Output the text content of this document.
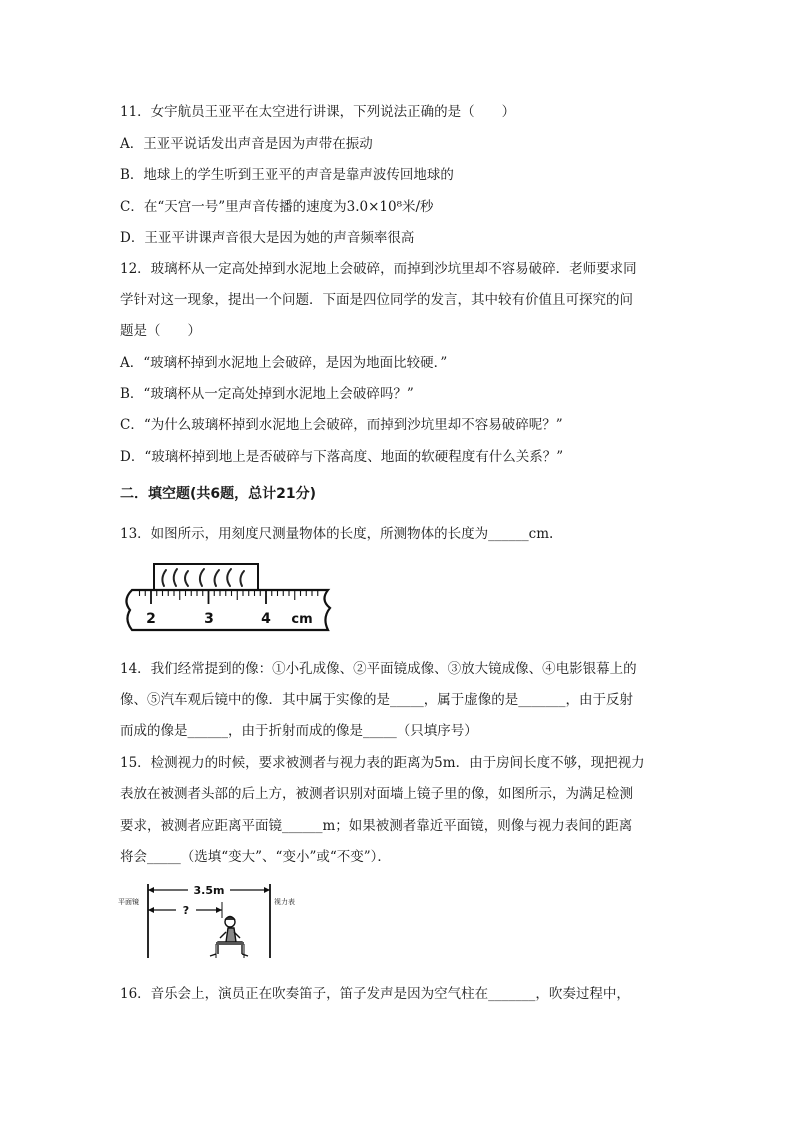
11．女宇航员王亚平在太空进行讲课，下列说法正确的是（　　）
A．王亚平说话发出声音是因为声带在振动
B．地球上的学生听到王亚平的声音是靠声波传回地球的
C．在“天宫一号”里声音传播的速度为3.0×10⁸米/秒
D．王亚平讲课声音很大是因为她的声音频率很高
12．玻璃杯从一定高处掉到水泥地上会破碎，而掉到沙坑里却不容易破碎．老师要求同
学针对这一现象，提出一个问题．下面是四位同学的发言，其中较有价值且可探究的问
题是（　　）
A．“玻璃杯掉到水泥地上会破碎，是因为地面比较硬．”
B．“玻璃杯从一定高处掉到水泥地上会破碎吗？”
C．“为什么玻璃杯掉到水泥地上会破碎，而掉到沙坑里却不容易破碎呢？”
D．“玻璃杯掉到地上是否破碎与下落高度、地面的软硬程度有什么关系？”
二．填空题(共6题，总计21分)
13．如图所示，用刻度尺测量物体的长度，所测物体的长度为______cm.
2	3	4 cm
14．我们经常提到的像：①小孔成像、②平面镜成像、③放大镜成像、④电影银幕上的
像、⑤汽车观后镜中的像．其中属于实像的是_____，属于虚像的是_______，由于反射
而成的像是______，由于折射而成的像是_____（只填序号）
15．检测视力的时候，要求被测者与视力表的距离为5m．由于房间长度不够，现把视力
表放在被测者头部的后上方，被测者识别对面墙上镜子里的像，如图所示，为满足检测
要求，被测者应距离平面镜______m；如果被测者靠近平面镜，则像与视力表间的距离
将会_____（选填“变大”、“变小”或“不变”）．
3.5m
?
平面镜	视力表
16．音乐会上，演员正在吹奏笛子，笛子发声是因为空气柱在_______，吹奏过程中，
